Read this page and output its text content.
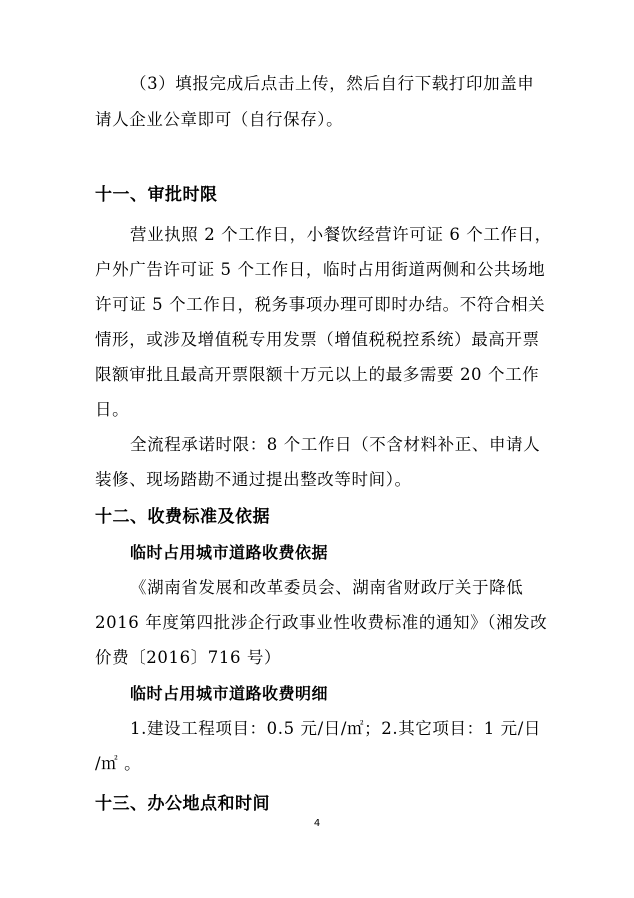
（3）填报完成后点击上传，然后自行下载打印加盖申

请人企业公章即可（自行保存）。

十一、审批时限

营业执照 2 个工作日，小餐饮经营许可证 6 个工作日，

户外广告许可证 5 个工作日，临时占用街道两侧和公共场地

许可证 5 个工作日，税务事项办理可即时办结。不符合相关

情形，或涉及增值税专用发票（增值税税控系统）最高开票

限额审批且最高开票限额十万元以上的最多需要 20 个工作

日。

全流程承诺时限：8 个工作日（不含材料补正、申请人

装修、现场踏勘不通过提出整改等时间）。

十二、收费标准及依据
临时占用城市道路收费依据

《湖南省发展和改革委员会、湖南省财政厅关于降低

2016 年度第四批涉企行政事业性收费标准的通知》（湘发改

价费〔2016〕716 号）

临时占用城市道路收费明细

1.建设工程项目：0.5 元/日/㎡；2.其它项目：1 元/日

/㎡ 。

十三、办公地点和时间
4
